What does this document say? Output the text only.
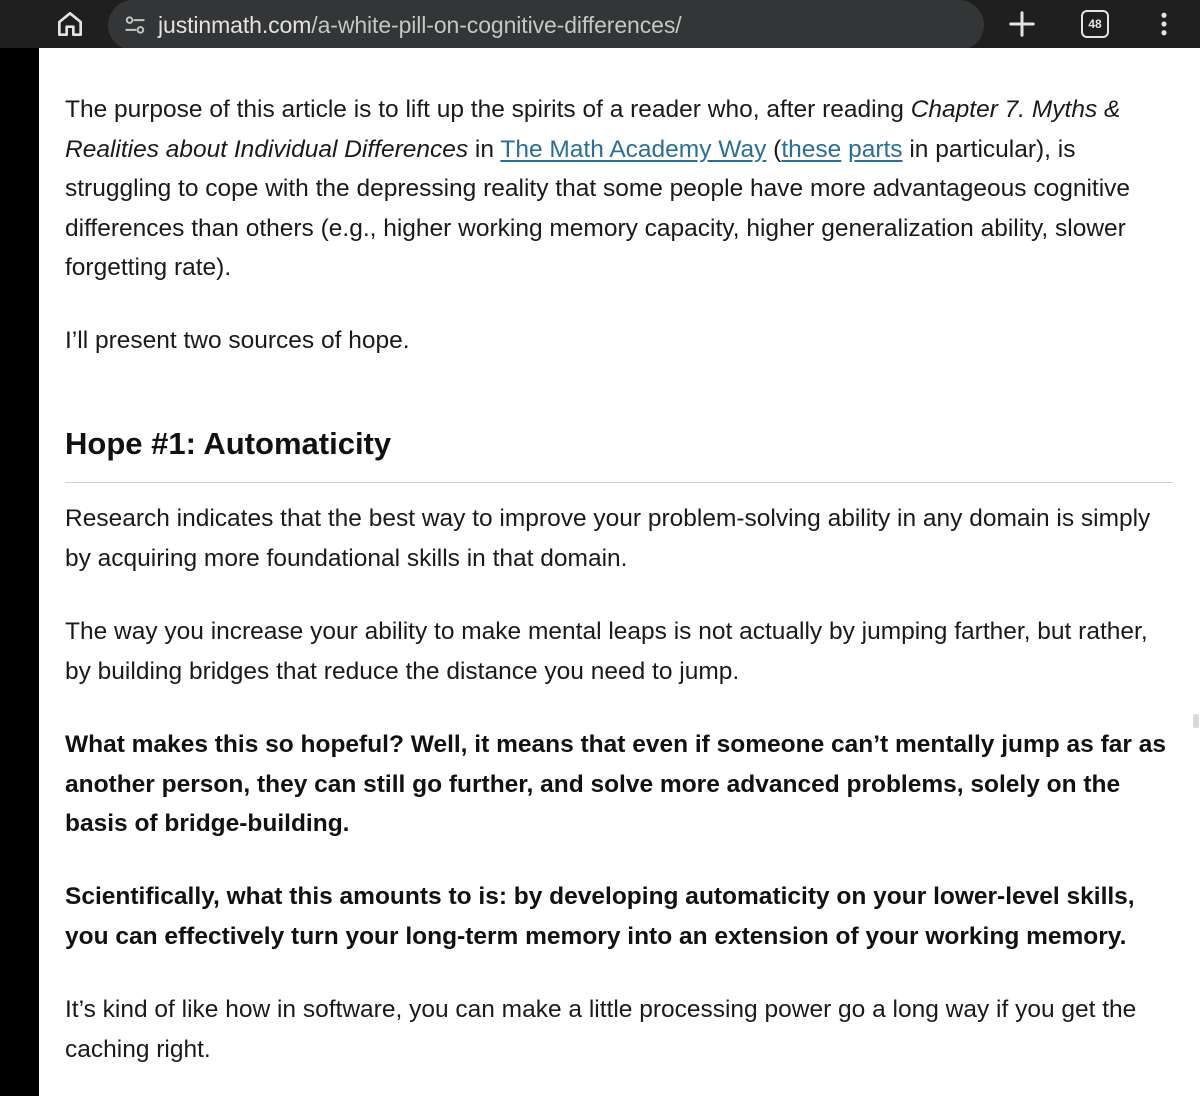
justinmath.com/a-white-pill-on-cognitive-differences/	48

The purpose of this article is to lift up the spirits of a reader who, after reading Chapter 7. Myths & Realities about Individual Differences in The Math Academy Way (these parts in particular), is struggling to cope with the depressing reality that some people have more advantageous cognitive differences than others (e.g., higher working memory capacity, higher generalization ability, slower forgetting rate).

I’ll present two sources of hope.

Hope #1: Automaticity

Research indicates that the best way to improve your problem-solving ability in any domain is simply by acquiring more foundational skills in that domain.

The way you increase your ability to make mental leaps is not actually by jumping farther, but rather, by building bridges that reduce the distance you need to jump.

What makes this so hopeful? Well, it means that even if someone can’t mentally jump as far as another person, they can still go further, and solve more advanced problems, solely on the basis of bridge-building.

Scientifically, what this amounts to is: by developing automaticity on your lower-level skills, you can effectively turn your long-term memory into an extension of your working memory.

It’s kind of like how in software, you can make a little processing power go a long way if you get the caching right.
